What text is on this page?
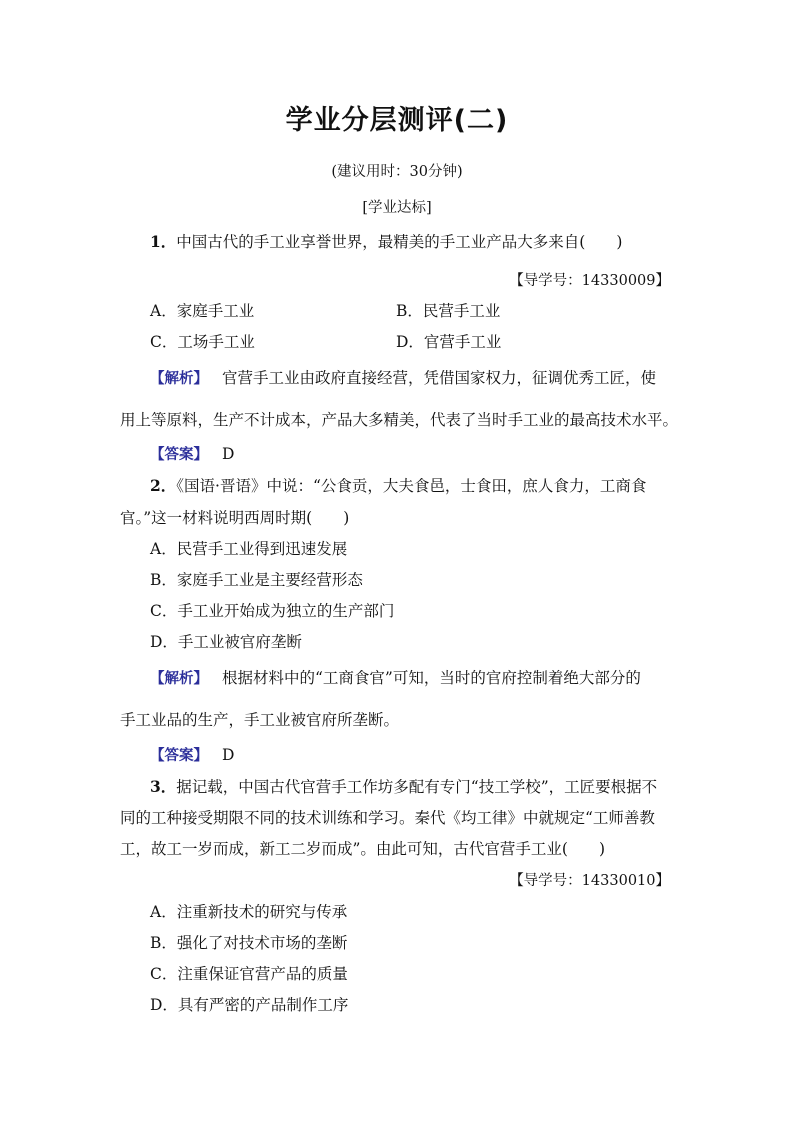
学业分层测评(二)
(建议用时：30分钟)
[学业达标]
1．中国古代的手工业享誉世界，最精美的手工业产品大多来自(　　)
【导学号：14330009】
A．家庭手工业	B．民营手工业
C．工场手工业	D．官营手工业
【解析】 官营手工业由政府直接经营，凭借国家权力，征调优秀工匠，使
用上等原料，生产不计成本，产品大多精美，代表了当时手工业的最高技术水平。
【答案】 D
2．《国语·晋语》中说：“公食贡，大夫食邑，士食田，庶人食力，工商食
官。”这一材料说明西周时期(　　)
A．民营手工业得到迅速发展
B．家庭手工业是主要经营形态
C．手工业开始成为独立的生产部门
D．手工业被官府垄断
【解析】 根据材料中的“工商食官”可知，当时的官府控制着绝大部分的
手工业品的生产，手工业被官府所垄断。
【答案】 D
3．据记载，中国古代官营手工作坊多配有专门“技工学校”，工匠要根据不
同的工种接受期限不同的技术训练和学习。秦代《均工律》中就规定“工师善教
工，故工一岁而成，新工二岁而成”。由此可知，古代官营手工业(　　)
【导学号：14330010】
A．注重新技术的研究与传承
B．强化了对技术市场的垄断
C．注重保证官营产品的质量
D．具有严密的产品制作工序
